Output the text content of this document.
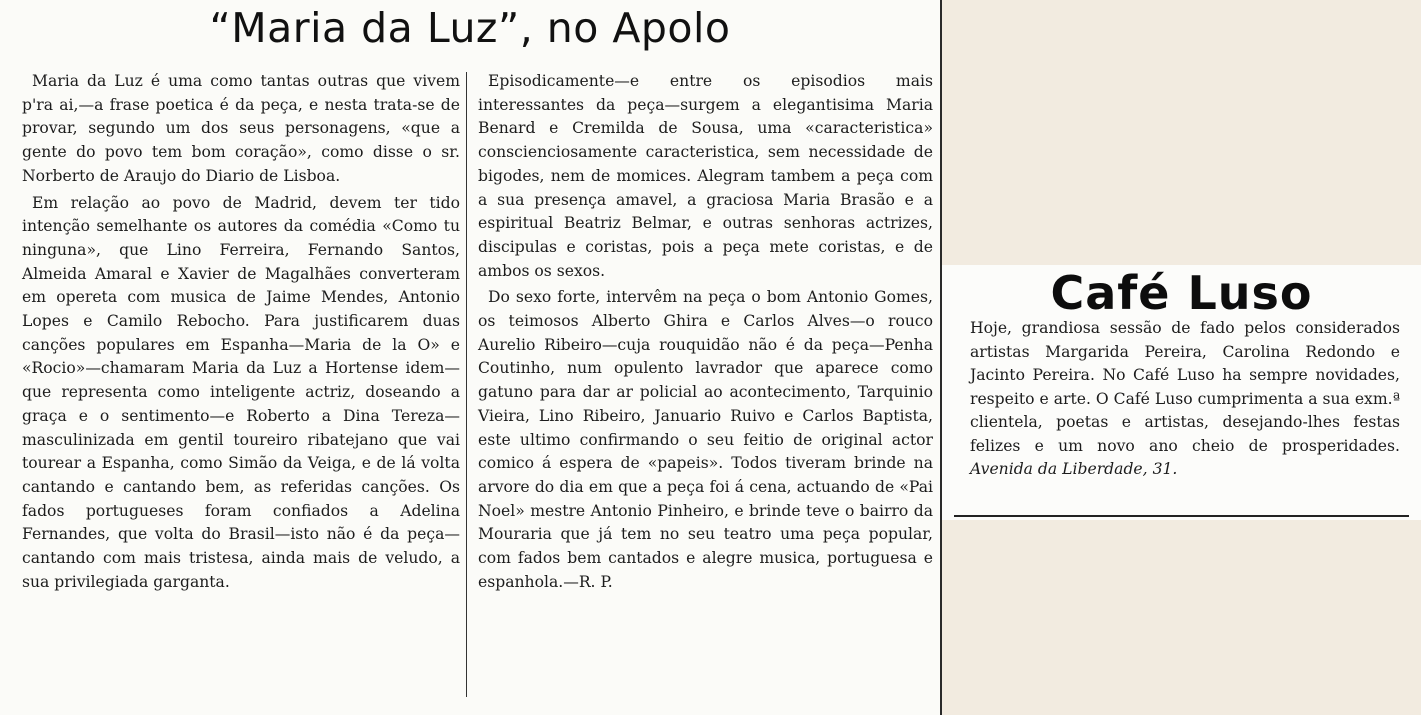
“Maria da Luz”, no Apolo

Maria da Luz é uma como tantas outras que vivem p'ra ai,—a frase poetica é da peça, e nesta trata-se de provar, segundo um dos seus personagens, «que a gente do povo tem bom coração», como disse o sr. Norberto de Araujo do Diario de Lisboa.

Em relação ao povo de Madrid, devem ter tido intenção semelhante os autores da comédia «Como tu ninguna», que Lino Ferreira, Fernando Santos, Almeida Amaral e Xavier de Magalhães converteram em opereta com musica de Jaime Mendes, Antonio Lopes e Camilo Rebocho. Para justificarem duas canções populares em Espanha—Maria de la O» e «Rocio»—chamaram Maria da Luz a Hortense idem—que representa como inteligente actriz, doseando a graça e o sentimento—e Roberto a Dina Tereza—masculinizada em gentil toureiro ribatejano que vai tourear a Espanha, como Simão da Veiga, e de lá volta cantando e cantando bem, as referidas canções. Os fados portugueses foram confiados a Adelina Fernandes, que volta do Brasil—isto não é da peça—cantando com mais tristesa, ainda mais de veludo, a sua privilegiada garganta.

Episodicamente—e entre os episodios mais interessantes da peça—surgem a elegantisima Maria Benard e Cremilda de Sousa, uma «caracteristica» conscienciosamente caracteristica, sem necessidade de bigodes, nem de momices. Alegram tambem a peça com a sua presença amavel, a graciosa Maria Brasão e a espiritual Beatriz Belmar, e outras senhoras actrizes, discipulas e coristas, pois a peça mete coristas, e de ambos os sexos.

Do sexo forte, intervêm na peça o bom Antonio Gomes, os teimosos Alberto Ghira e Carlos Alves—o rouco Aurelio Ribeiro—cuja rouquidão não é da peça—Penha Coutinho, num opulento lavrador que aparece como gatuno para dar ar policial ao acontecimento, Tarquinio Vieira, Lino Ribeiro, Januario Ruivo e Carlos Baptista, este ultimo confirmando o seu feitio de original actor comico á espera de «papeis». Todos tiveram brinde na arvore do dia em que a peça foi á cena, actuando de «Pai Noel» mestre Antonio Pinheiro, e brinde teve o bairro da Mouraria que já tem no seu teatro uma peça popular, com fados bem cantados e alegre musica, portuguesa e espanhola.—R. P.

Café Luso
Hoje, grandiosa sessão de fado pelos considerados artistas Margarida Pereira, Carolina Redondo e Jacinto Pereira. No Café Luso ha sempre novidades, respeito e arte. O Café Luso cumprimenta a sua exm.ª clientela, poetas e artistas, desejando-lhes festas felizes e um novo ano cheio de prosperidades. Avenida da Liberdade, 31.
